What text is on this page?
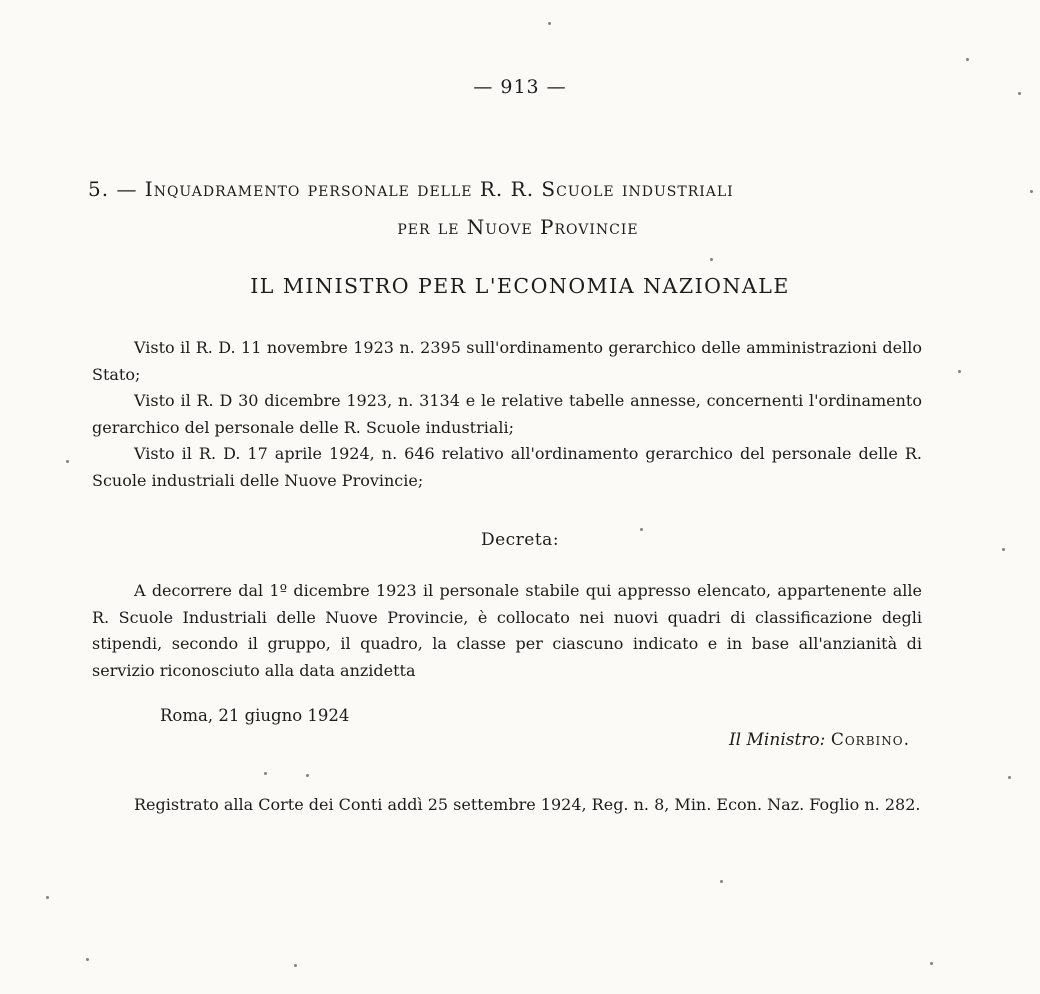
— 913 —
5. — Inquadramento personale delle R. R. Scuole industriali
per le Nuove Provincie
IL MINISTRO PER L'ECONOMIA NAZIONALE

Visto il R. D. 11 novembre 1923 n. 2395 sull'ordinamento gerarchico delle amministrazioni dello Stato;

Visto il R. D 30 dicembre 1923, n. 3134 e le relative tabelle annesse, concernenti l'ordinamento gerarchico del personale delle R. Scuole industriali;

Visto il R. D. 17 aprile 1924, n. 646 relativo all'ordinamento gerarchico del personale delle R. Scuole industriali delle Nuove Provincie;

Decreta:

A decorrere dal 1º dicembre 1923 il personale stabile qui appresso elencato, appartenente alle R. Scuole Industriali delle Nuove Provincie, è collocato nei nuovi quadri di classificazione degli stipendi, secondo il gruppo, il quadro, la classe per ciascuno indicato e in base all'anzianità di servizio riconosciuto alla data anzidetta

Roma, 21 giugno 1924
Il Ministro: Corbino.

Registrato alla Corte dei Conti addì 25 settembre 1924, Reg. n. 8, Min. Econ. Naz. Foglio n. 282.
